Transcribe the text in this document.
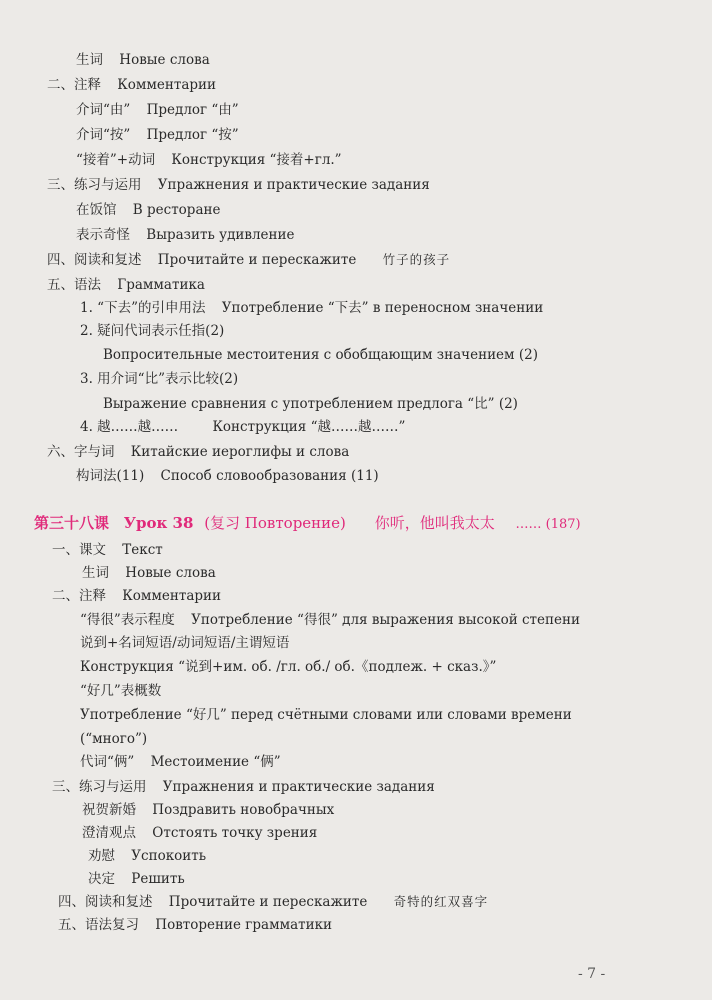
生词 Новые слова
二、注释 Комментарии
介词“由” Предлог “由”
介词“按” Предлог “按”
“接着”+动词 Конструкция “接着+гл.”
三、练习与运用 Упражнения и практические задания
在饭馆 В ресторане
表示奇怪 Выразить удивление
四、阅读和复述 Прочитайте и перескажите 竹子的孩子
五、语法 Грамматика
1. “下去”的引申用法 Употребление “下去” в переносном значении
2. 疑问代词表示任指(2)
Вопросительные местоитения с обобщающим значением (2)
3. 用介词“比”表示比较(2)
Выражение сравнения с употреблением предлога “比” (2)
4. 越……越……	Конструкция “越……越……”
六、字与词 Китайские иероглифы и слова
构词法(11) Способ словообразования (11)
第三十八课 Урок 38 (复习 Повторение) 你听，他叫我太太 …… (187)
一、课文 Текст
生词 Новые слова
二、注释 Комментарии
“得很”表示程度 Употребление “得很” для выражения высокой степени
说到+名词短语/动词短语/主谓短语
Конструкция “说到+им. об. /гл. об./ об.《подлеж. + сказ.》”
“好几”表概数
Употребление “好几” перед счётными словами или словами времени
(“много”)
代词“俩” Местоимение “俩”
三、练习与运用 Упражнения и практические задания
祝贺新婚 Поздравить новобрачных
澄清观点 Отстоять точку зрения
劝慰 Успокоить
决定 Решить
四、阅读和复述 Прочитайте и перескажите 奇特的红双喜字
五、语法复习 Повторение грамматики
- 7 -
